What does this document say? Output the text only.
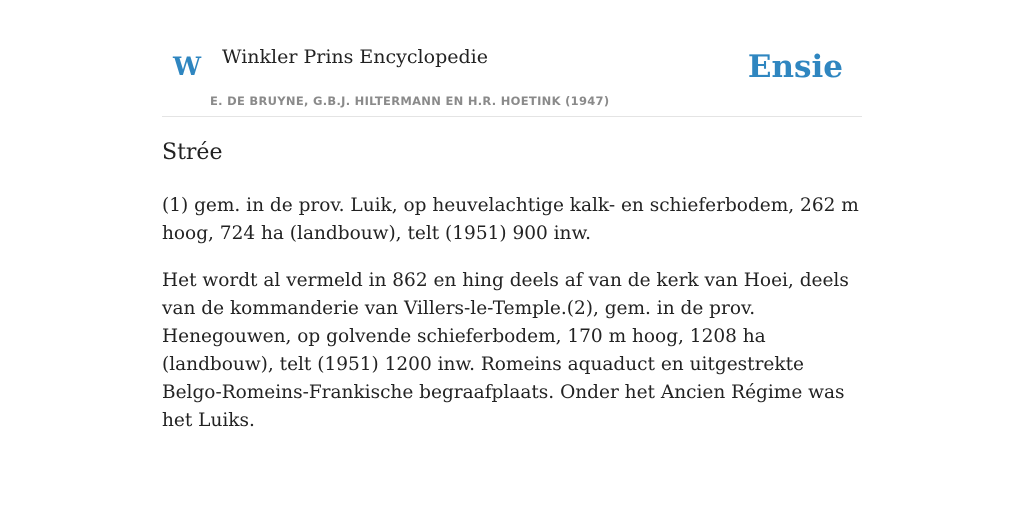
W Winkler Prins Encyclopedie
E. DE BRUYNE, G.B.J. HILTERMANN EN H.R. HOETINK (1947)
Ensie
Strée

(1) gem. in de prov. Luik, op heuvelachtige kalk- en schieferbodem, 262 m hoog, 724 ha (landbouw), telt (1951) 900 inw.

Het wordt al vermeld in 862 en hing deels af van de kerk van Hoei, deels van de kommanderie van Villers-le-Temple.(2), gem. in de prov. Henegouwen, op golvende schieferbodem, 170 m hoog, 1208 ha (landbouw), telt (1951) 1200 inw. Romeins aquaduct en uitgestrekte Belgo-Romeins-Frankische begraafplaats. Onder het Ancien Régime was het Luiks.
